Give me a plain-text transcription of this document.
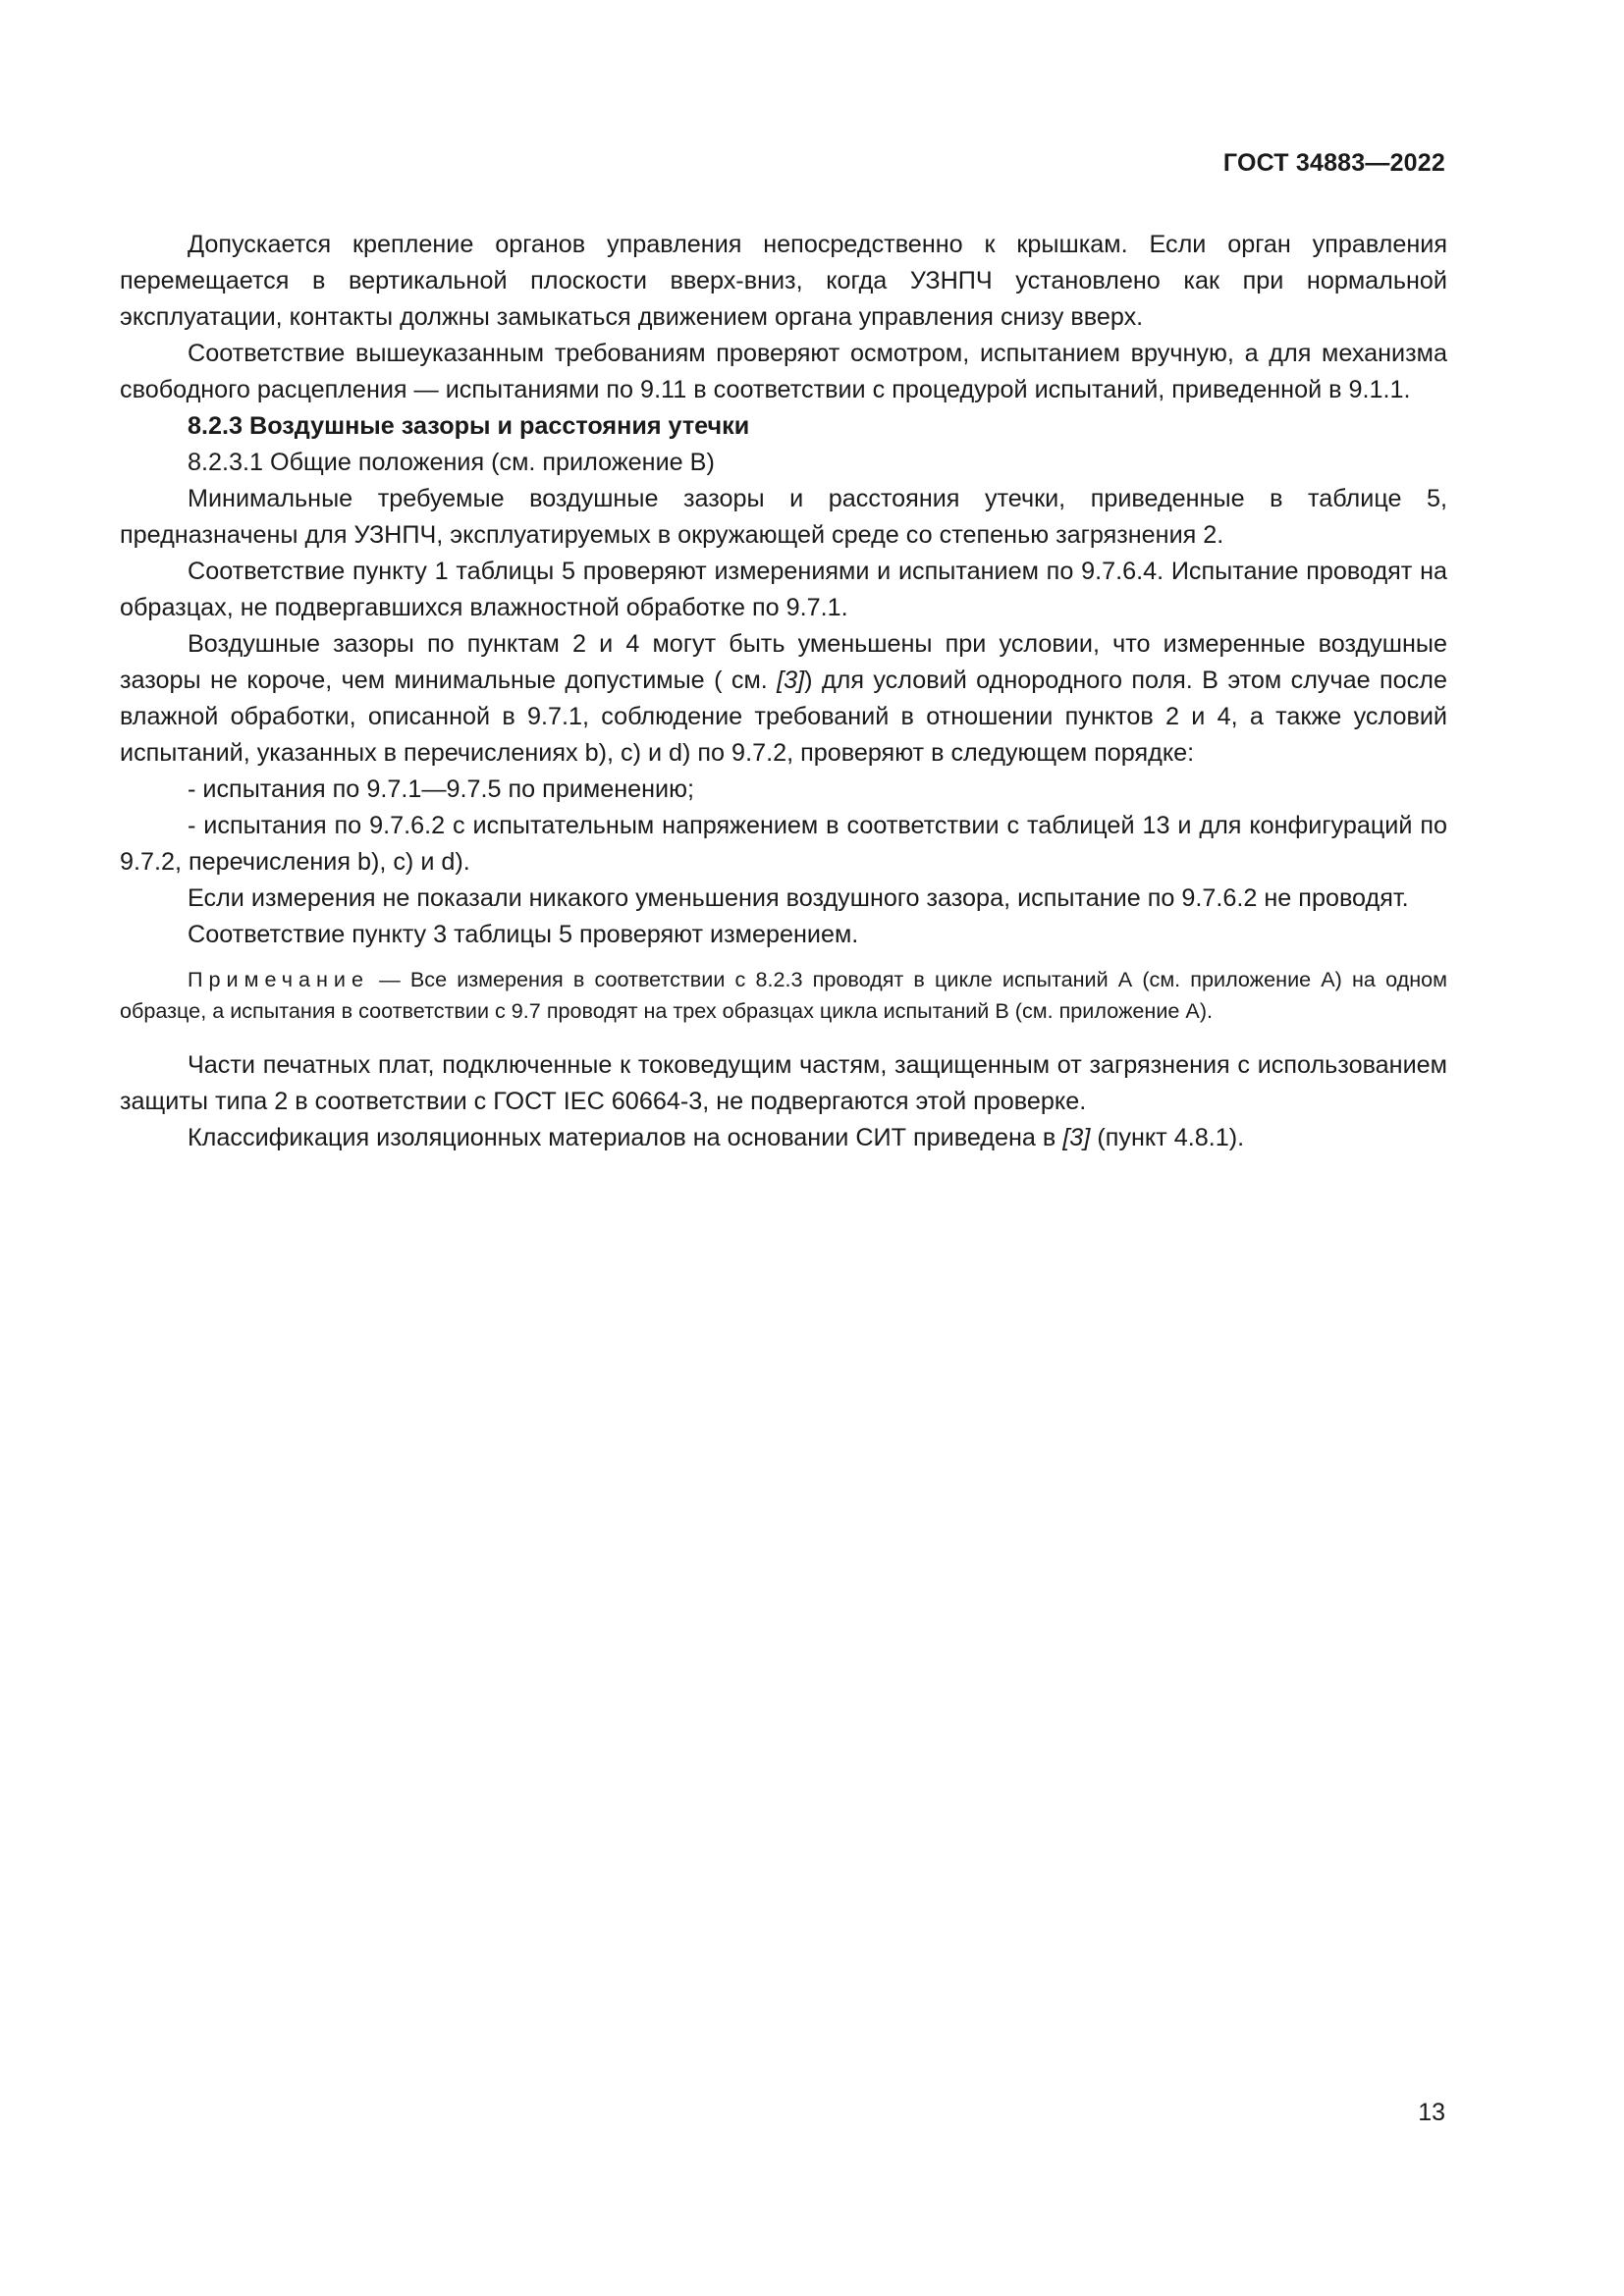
ГОСТ 34883—2022

Допускается крепление органов управления непосредственно к крышкам. Если орган управления перемещается в вертикальной плоскости вверх-вниз, когда УЗНПЧ установлено как при нормальной эксплуатации, контакты должны замыкаться движением органа управления снизу вверх.

Соответствие вышеуказанным требованиям проверяют осмотром, испытанием вручную, а для механизма свободного расцепления — испытаниями по 9.11 в соответствии с процедурой испытаний, приведенной в 9.1.1.

8.2.3 Воздушные зазоры и расстояния утечки

8.2.3.1 Общие положения (см. приложение В)

Минимальные требуемые воздушные зазоры и расстояния утечки, приведенные в таблице 5, предназначены для УЗНПЧ, эксплуатируемых в окружающей среде со степенью загрязнения 2.

Соответствие пункту 1 таблицы 5 проверяют измерениями и испытанием по 9.7.6.4. Испытание проводят на образцах, не подвергавшихся влажностной обработке по 9.7.1.

Воздушные зазоры по пунктам 2 и 4 могут быть уменьшены при условии, что измеренные воздушные зазоры не короче, чем минимальные допустимые ( см. [3]) для условий однородного поля. В этом случае после влажной обработки, описанной в 9.7.1, соблюдение требований в отношении пунктов 2 и 4, а также условий испытаний, указанных в перечислениях b), c) и d) по 9.7.2, проверяют в следующем порядке:

- испытания по 9.7.1—9.7.5 по применению;

- испытания по 9.7.6.2 с испытательным напряжением в соответствии с таблицей 13 и для конфигураций по 9.7.2, перечисления b), c) и d).

Если измерения не показали никакого уменьшения воздушного зазора, испытание по 9.7.6.2 не проводят.

Соответствие пункту 3 таблицы 5 проверяют измерением.

Примечание — Все измерения в соответствии с 8.2.3 проводят в цикле испытаний А (см. приложение А) на одном образце, а испытания в соответствии с 9.7 проводят на трех образцах цикла испытаний В (см. приложение А).

Части печатных плат, подключенные к токоведущим частям, защищенным от загрязнения с использованием защиты типа 2 в соответствии с ГОСТ IEC 60664-3, не подвергаются этой проверке.

Классификация изоляционных материалов на основании СИТ приведена в [3] (пункт 4.8.1).

13
